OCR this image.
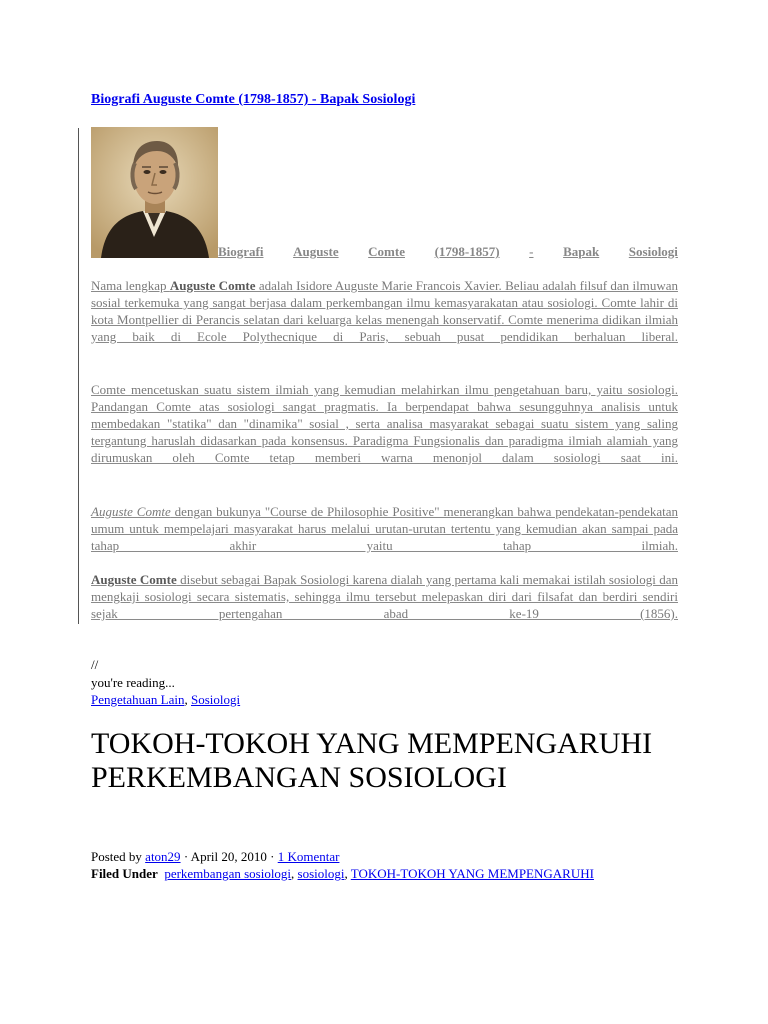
Biografi Auguste Comte (1798-1857) - Bapak Sosiologi
Biografi Auguste Comte (1798-1857) - Bapak Sosiologi

Nama lengkap Auguste Comte adalah Isidore Auguste Marie Francois Xavier. Beliau adalah filsuf dan ilmuwan sosial terkemuka yang sangat berjasa dalam perkembangan ilmu kemasyarakatan atau sosiologi. Comte lahir di kota Montpellier di Perancis selatan dari keluarga kelas menengah konservatif. Comte menerima didikan ilmiah yang baik di Ecole Polythecnique di Paris, sebuah pusat pendidikan berhaluan liberal.

Comte mencetuskan suatu sistem ilmiah yang kemudian melahirkan ilmu pengetahuan baru, yaitu sosiologi. Pandangan Comte atas sosiologi sangat pragmatis. Ia berpendapat bahwa sesungguhnya analisis untuk membedakan "statika" dan "dinamika" sosial , serta analisa masyarakat sebagai suatu sistem yang saling tergantung haruslah didasarkan pada konsensus. Paradigma Fungsionalis dan paradigma ilmiah alamiah yang dirumuskan oleh Comte tetap memberi warna menonjol dalam sosiologi saat ini.

Auguste Comte dengan bukunya "Course de Philosophie Positive" menerangkan bahwa pendekatan-pendekatan umum untuk mempelajari masyarakat harus melalui urutan-urutan tertentu yang kemudian akan sampai pada tahap akhir yaitu tahap ilmiah.

Auguste Comte disebut sebagai Bapak Sosiologi karena dialah yang pertama kali memakai istilah sosiologi dan mengkaji sosiologi secara sistematis, sehingga ilmu tersebut melepaskan diri dari filsafat dan berdiri sendiri sejak pertengahan abad ke-19 (1856).

//
you're reading...
Pengetahuan Lain, Sosiologi
TOKOH-TOKOH YANG MEMPENGARUHI PERKEMBANGAN SOSIOLOGI
Posted by aton29 · April 20, 2010 · 1 Komentar
Filed Under perkembangan sosiologi, sosiologi, TOKOH-TOKOH YANG MEMPENGARUHI
